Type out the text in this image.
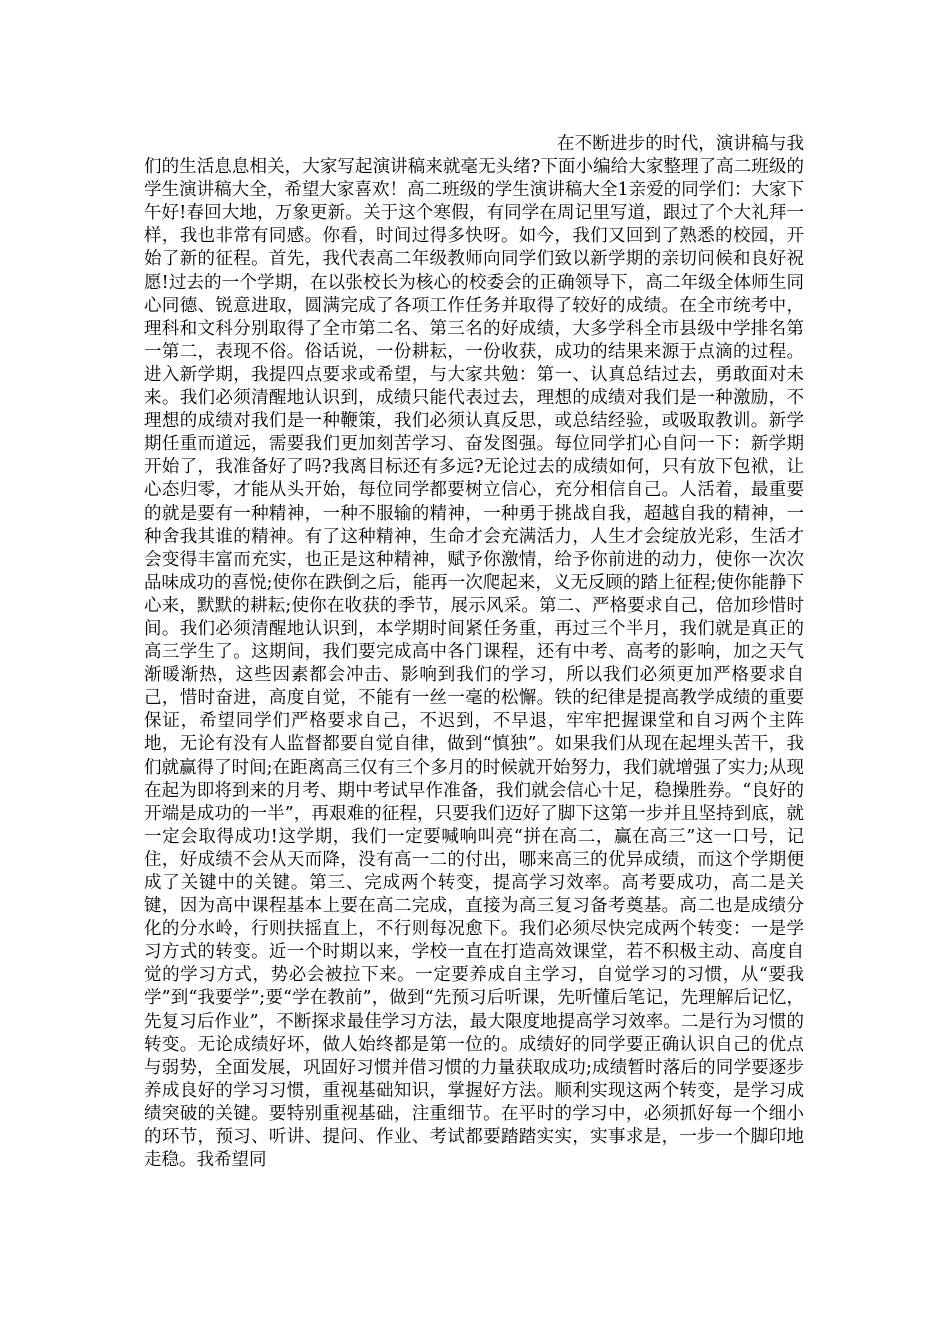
在不断进步的时代，演讲稿与我们的生活息息相关，大家写起演讲稿来就毫无头绪?下面小编给大家整理了高二班级的学生演讲稿大全，希望大家喜欢！高二班级的学生演讲稿大全1亲爱的同学们：大家下午好!春回大地，万象更新。关于这个寒假，有同学在周记里写道，跟过了个大礼拜一样，我也非常有同感。你看，时间过得多快呀。如今，我们又回到了熟悉的校园，开始了新的征程。首先，我代表高二年级教师向同学们致以新学期的亲切问候和良好祝愿!过去的一个学期，在以张校长为核心的校委会的正确领导下，高二年级全体师生同心同德、锐意进取，圆满完成了各项工作任务并取得了较好的成绩。在全市统考中，理科和文科分别取得了全市第二名、第三名的好成绩，大多学科全市县级中学排名第一第二，表现不俗。俗话说，一份耕耘，一份收获，成功的结果来源于点滴的过程。进入新学期，我提四点要求或希望，与大家共勉：第一、认真总结过去，勇敢面对未来。我们必须清醒地认识到，成绩只能代表过去，理想的成绩对我们是一种激励，不理想的成绩对我们是一种鞭策，我们必须认真反思，或总结经验，或吸取教训。新学期任重而道远，需要我们更加刻苦学习、奋发图强。每位同学扪心自问一下：新学期开始了，我准备好了吗?我离目标还有多远?无论过去的成绩如何，只有放下包袱，让心态归零，才能从头开始，每位同学都要树立信心，充分相信自己。人活着，最重要的就是要有一种精神，一种不服输的精神，一种勇于挑战自我，超越自我的精神，一种舍我其谁的精神。有了这种精神，生命才会充满活力，人生才会绽放光彩，生活才会变得丰富而充实，也正是这种精神，赋予你激情，给予你前进的动力，使你一次次品味成功的喜悦;使你在跌倒之后，能再一次爬起来，义无反顾的踏上征程;使你能静下心来，默默的耕耘;使你在收获的季节，展示风采。第二、严格要求自己，倍加珍惜时间。我们必须清醒地认识到，本学期时间紧任务重，再过三个半月，我们就是真正的高三学生了。这期间，我们要完成高中各门课程，还有中考、高考的影响，加之天气渐暖渐热，这些因素都会冲击、影响到我们的学习，所以我们必须更加严格要求自己，惜时奋进，高度自觉，不能有一丝一毫的松懈。铁的纪律是提高教学成绩的重要保证，希望同学们严格要求自己，不迟到，不早退，牢牢把握课堂和自习两个主阵地，无论有没有人监督都要自觉自律，做到“慎独”。如果我们从现在起埋头苦干，我们就赢得了时间;在距离高三仅有三个多月的时候就开始努力，我们就增强了实力;从现在起为即将到来的月考、期中考试早作准备，我们就会信心十足，稳操胜券。“良好的开端是成功的一半”，再艰难的征程，只要我们迈好了脚下这第一步并且坚持到底，就一定会取得成功!这学期，我们一定要喊响叫亮“拼在高二，赢在高三”这一口号，记住，好成绩不会从天而降，没有高一二的付出，哪来高三的优异成绩，而这个学期便成了关键中的关键。第三、完成两个转变，提高学习效率。高考要成功，高二是关键，因为高中课程基本上要在高二完成，直接为高三复习备考奠基。高二也是成绩分化的分水岭，行则扶摇直上，不行则每况愈下。我们必须尽快完成两个转变：一是学习方式的转变。近一个时期以来，学校一直在打造高效课堂，若不积极主动、高度自觉的学习方式，势必会被拉下来。一定要养成自主学习，自觉学习的习惯，从“要我学”到“我要学”;要“学在教前”，做到“先预习后听课，先听懂后笔记，先理解后记忆，先复习后作业”，不断探求最佳学习方法，最大限度地提高学习效率。二是行为习惯的转变。无论成绩好坏，做人始终都是第一位的。成绩好的同学要正确认识自己的优点与弱势，全面发展，巩固好习惯并借习惯的力量获取成功;成绩暂时落后的同学要逐步养成良好的学习习惯，重视基础知识，掌握好方法。顺利实现这两个转变，是学习成绩突破的关键。要特别重视基础，注重细节。在平时的学习中，必须抓好每一个细小的环节，预习、听讲、提问、作业、考试都要踏踏实实，实事求是，一步一个脚印地走稳。我希望同
